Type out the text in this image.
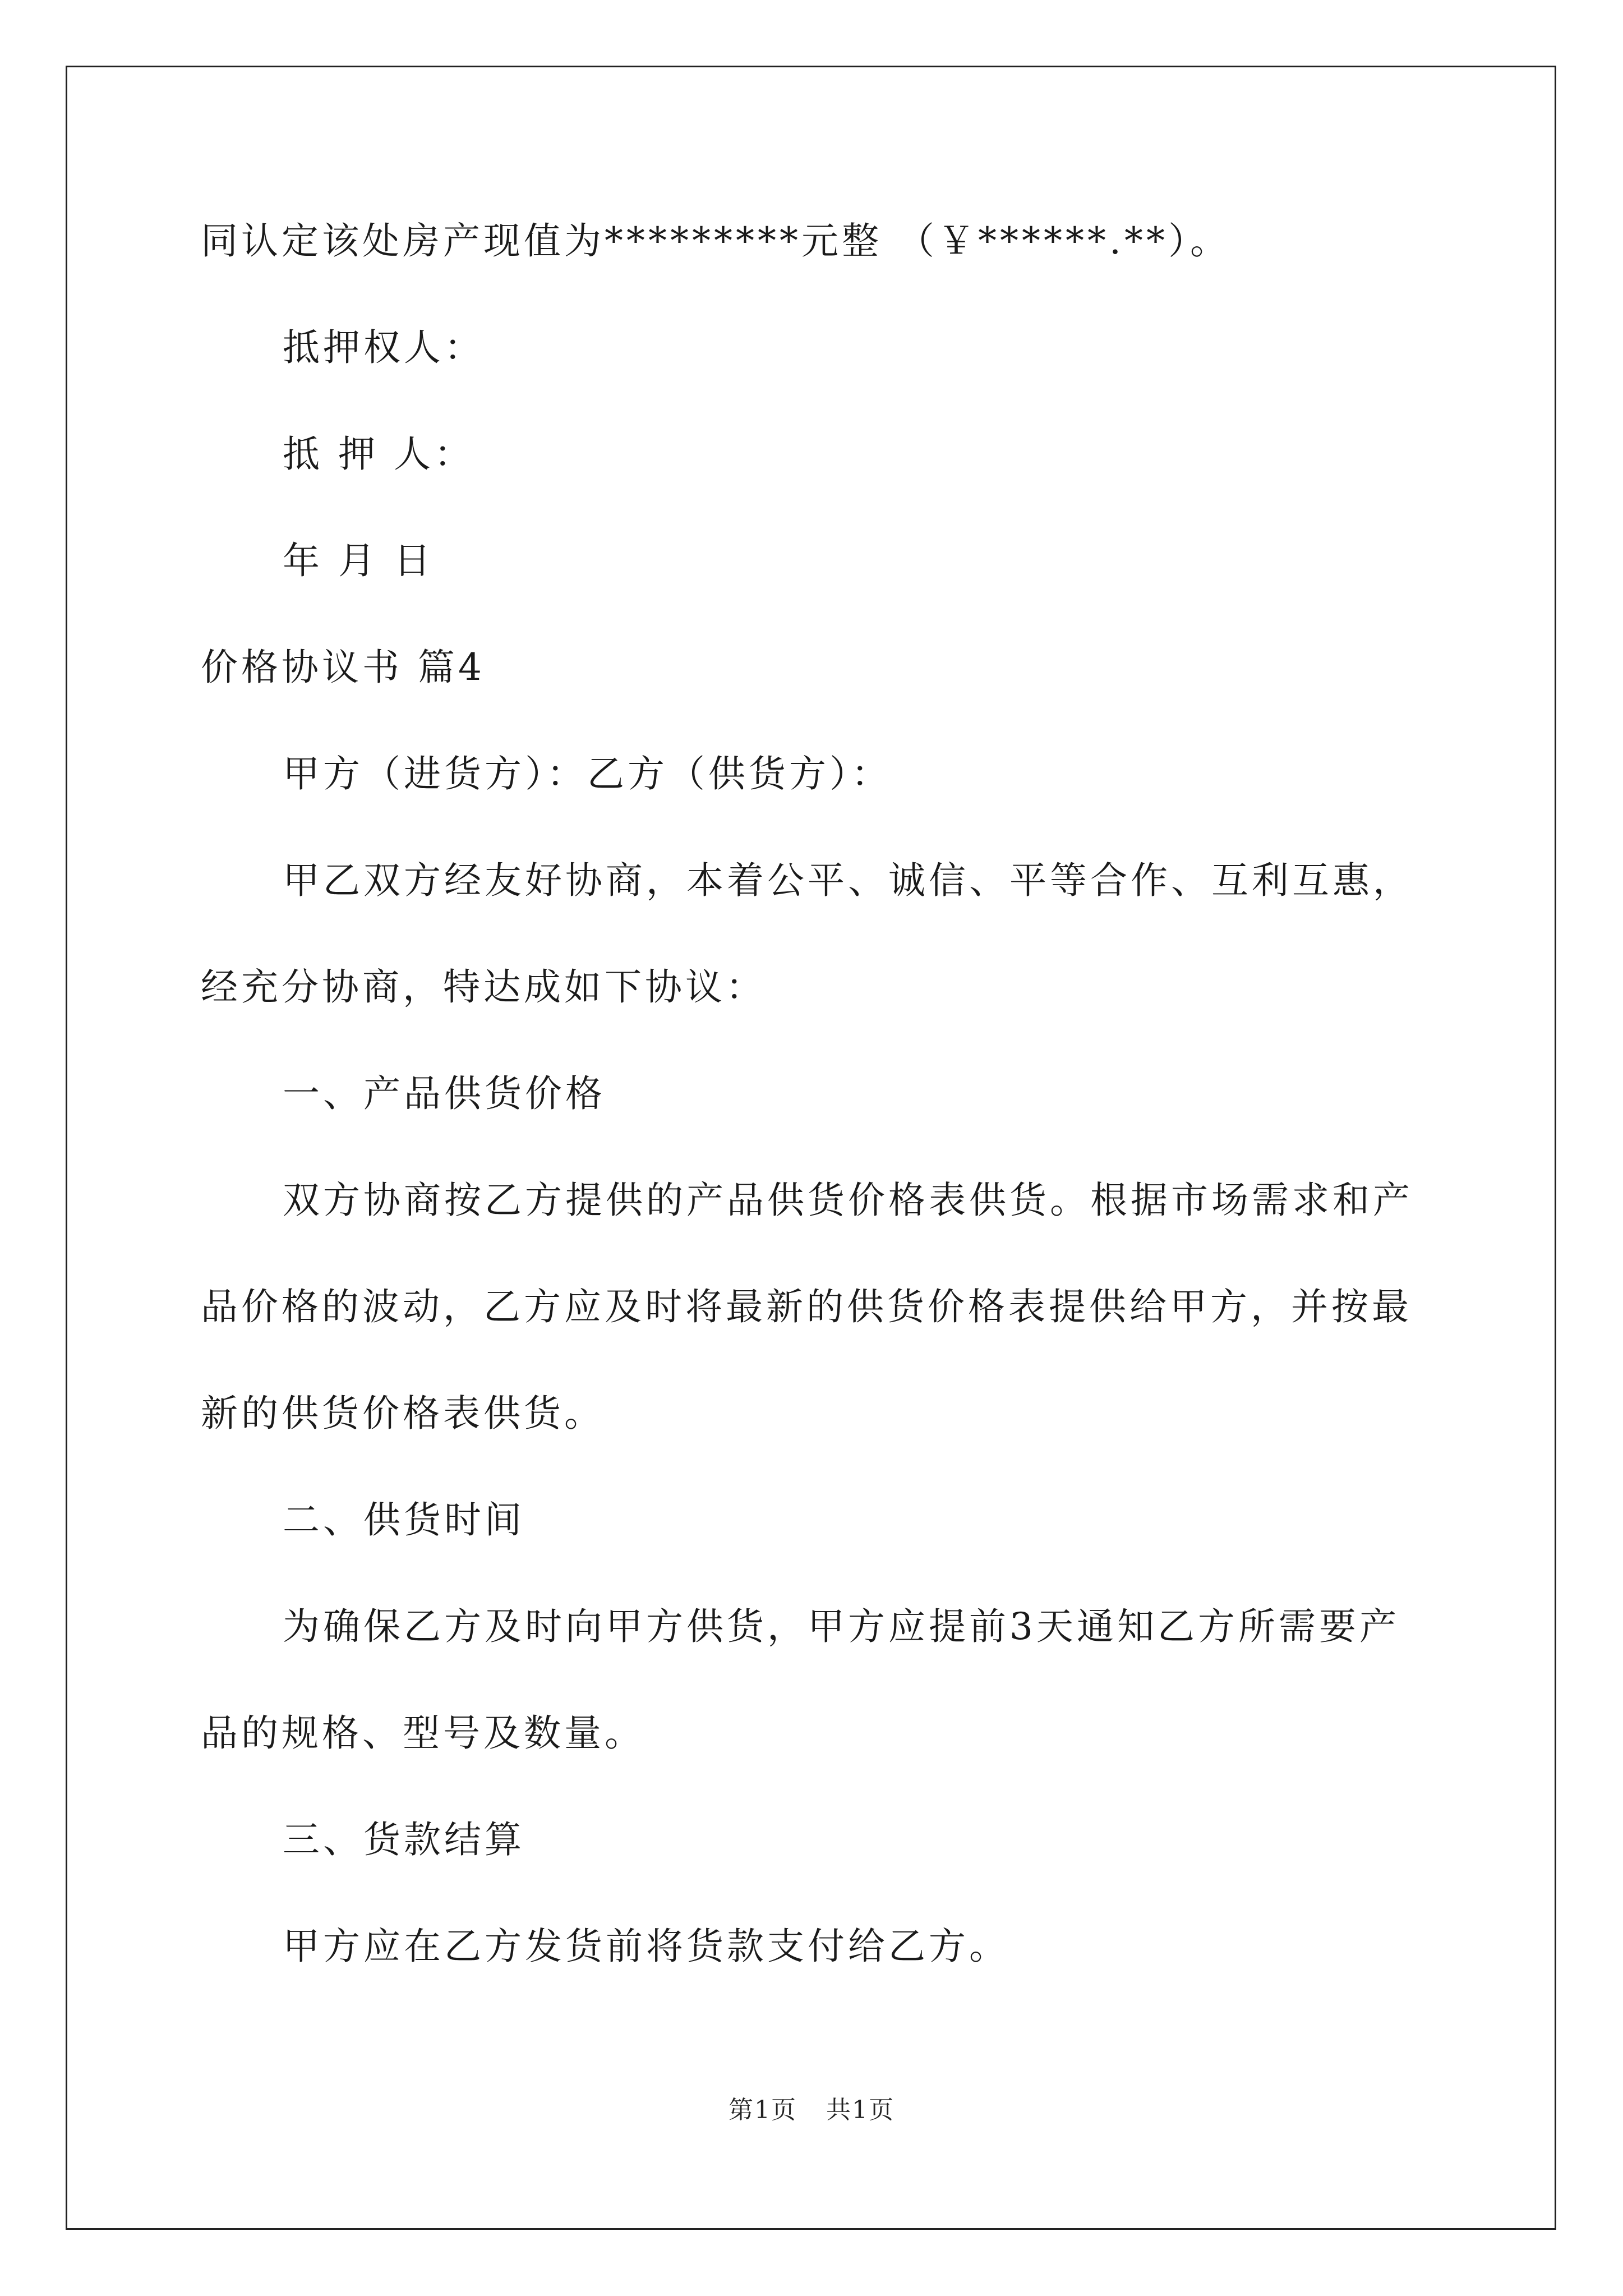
同认定该处房产现值为*********元整 （￥******.**）。
抵押权人：
抵 押 人：
年 月 日
价格协议书 篇4
甲方（进货方）：乙方（供货方）：
甲乙双方经友好协商，本着公平、诚信、平等合作、互利互惠，
经充分协商，特达成如下协议：
一、产品供货价格
双方协商按乙方提供的产品供货价格表供货。根据市场需求和产
品价格的波动，乙方应及时将最新的供货价格表提供给甲方，并按最
新的供货价格表供货。
二、供货时间
为确保乙方及时向甲方供货，甲方应提前3天通知乙方所需要产
品的规格、型号及数量。
三、货款结算
甲方应在乙方发货前将货款支付给乙方。
第1页 共1页
